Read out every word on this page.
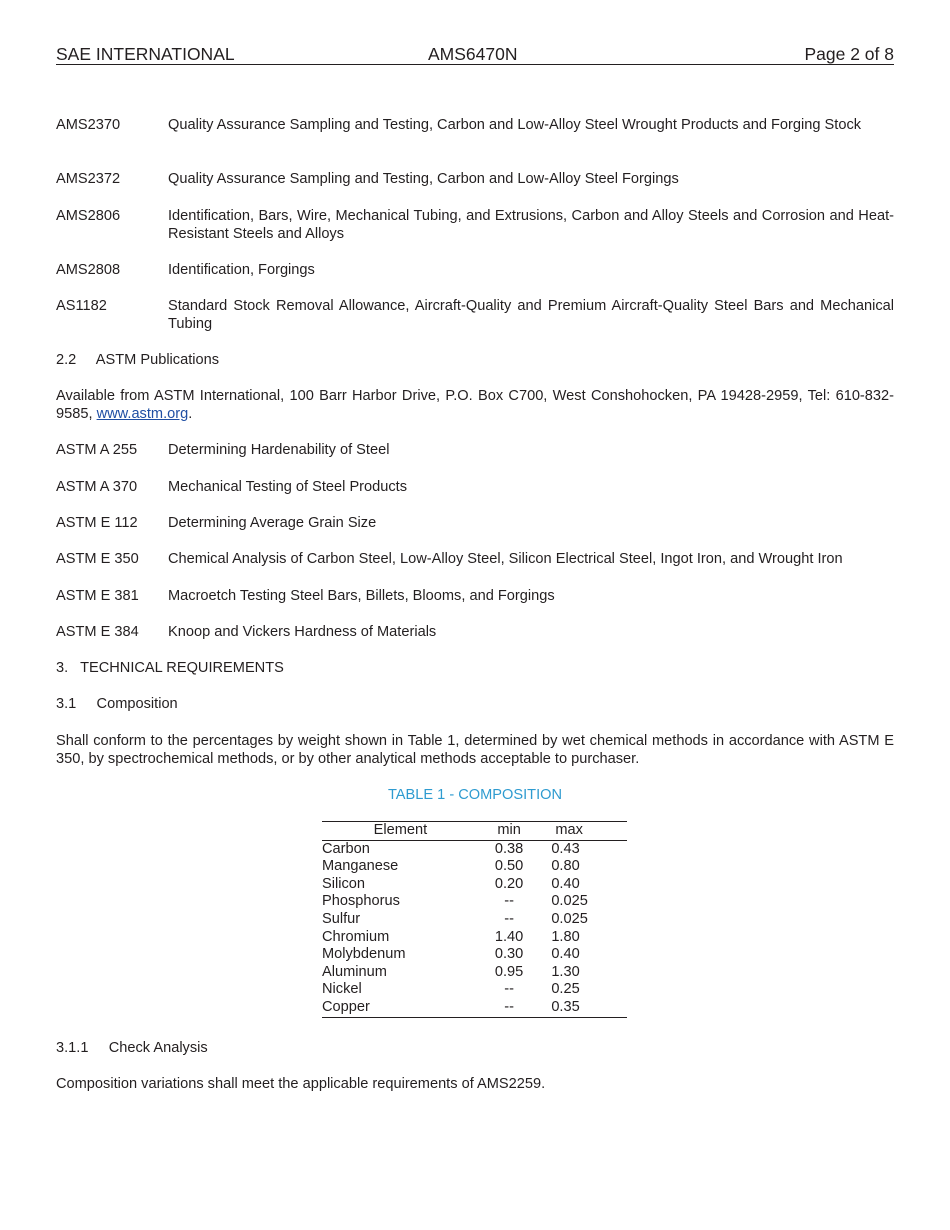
SAE INTERNATIONAL	AMS6470N	Page 2 of 8
AMS2370	Quality Assurance Sampling and Testing, Carbon and Low-Alloy Steel Wrought Products and Forging Stock
AMS2372	Quality Assurance Sampling and Testing, Carbon and Low-Alloy Steel Forgings
AMS2806	Identification, Bars, Wire, Mechanical Tubing, and Extrusions, Carbon and Alloy Steels and Corrosion and Heat-Resistant Steels and Alloys
AMS2808	Identification, Forgings
AS1182	Standard Stock Removal Allowance, Aircraft-Quality and Premium Aircraft-Quality Steel Bars and Mechanical Tubing
2.2     ASTM Publications
Available from ASTM International, 100 Barr Harbor Drive, P.O. Box C700, West Conshohocken, PA 19428-2959, Tel: 610-832-9585, www.astm.org.
ASTM A 255	Determining Hardenability of Steel
ASTM A 370	Mechanical Testing of Steel Products
ASTM E 112	Determining Average Grain Size
ASTM E 350	Chemical Analysis of Carbon Steel, Low-Alloy Steel, Silicon Electrical Steel, Ingot Iron, and Wrought Iron
ASTM E 381	Macroetch Testing Steel Bars, Billets, Blooms, and Forgings
ASTM E 384	Knoop and Vickers Hardness of Materials
3.   TECHNICAL REQUIREMENTS
3.1     Composition
Shall conform to the percentages by weight shown in Table 1, determined by wet chemical methods in accordance with ASTM E 350, by spectrochemical methods, or by other analytical methods acceptable to purchaser.
TABLE 1 - COMPOSITION
Element	min	max
Carbon	0.38	0.43
Manganese	0.50	0.80
Silicon	0.20	0.40
Phosphorus	--	0.025
Sulfur	--	0.025
Chromium	1.40	1.80
Molybdenum	0.30	0.40
Aluminum	0.95	1.30
Nickel	--	0.25
Copper	--	0.35
3.1.1     Check Analysis
Composition variations shall meet the applicable requirements of AMS2259.
